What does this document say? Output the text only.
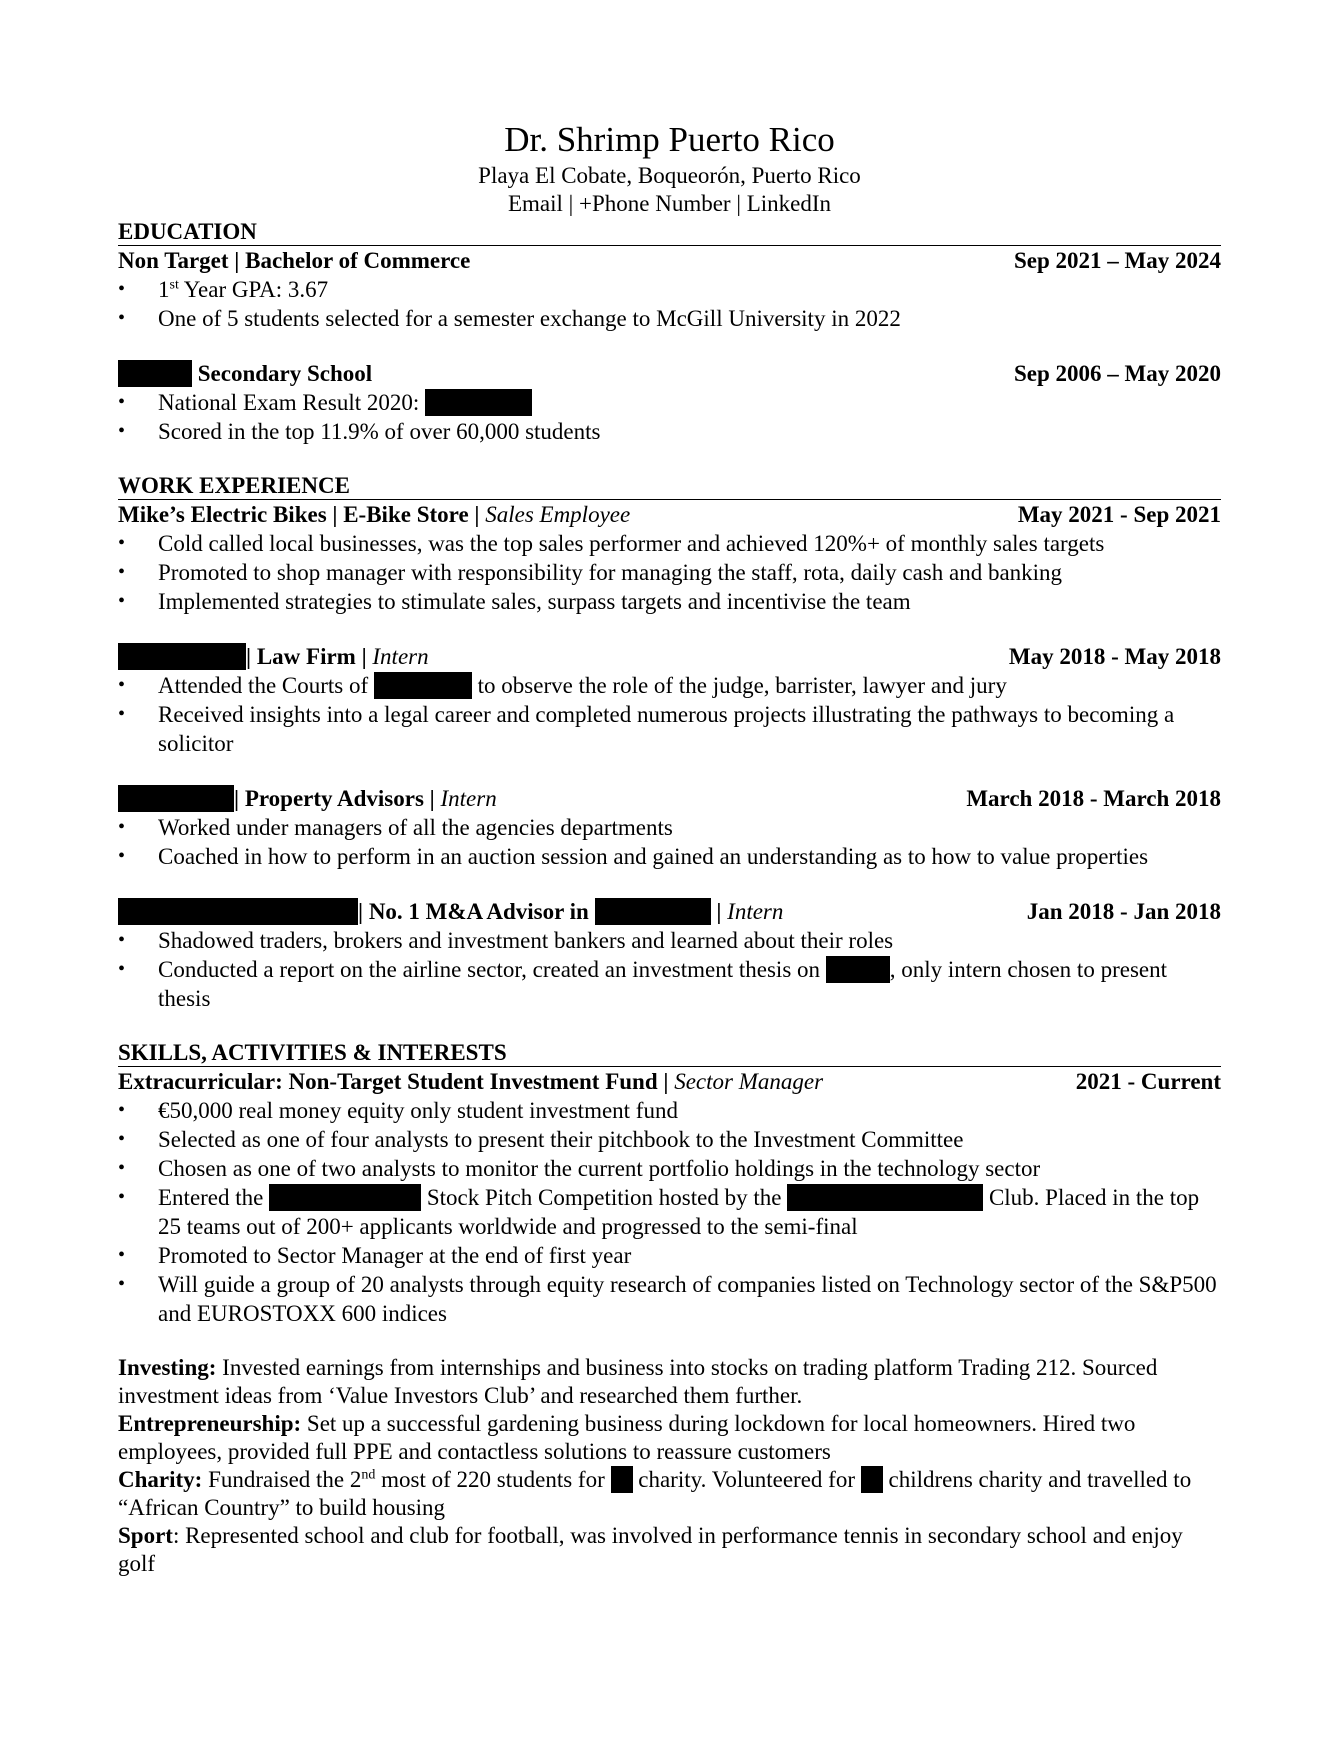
Dr. Shrimp Puerto Rico
Playa El Cobate, Boqueorón, Puerto Rico
Email | +Phone Number | LinkedIn
EDUCATION
Non Target | Bachelor of Commerce	Sep 2021 – May 2024
• 1st Year GPA: 3.67
• One of 5 students selected for a semester exchange to McGill University in 2022
Secondary School	Sep 2006 – May 2020
• National Exam Result 2020:
• Scored in the top 11.9% of over 60,000 students
WORK EXPERIENCE
Mike’s Electric Bikes | E-Bike Store | Sales Employee	May 2021 - Sep 2021
• Cold called local businesses, was the top sales performer and achieved 120%+ of monthly sales targets
• Promoted to shop manager with responsibility for managing the staff, rota, daily cash and banking
• Implemented strategies to stimulate sales, surpass targets and incentivise the team
| Law Firm | Intern	May 2018 - May 2018
• Attended the Courts of	to observe the role of the judge, barrister, lawyer and jury
• Received insights into a legal career and completed numerous projects illustrating the pathways to becoming a solicitor
| Property Advisors | Intern	March 2018 - March 2018
• Worked under managers of all the agencies departments
• Coached in how to perform in an auction session and gained an understanding as to how to value properties
| No. 1 M&A Advisor in	| Intern	Jan 2018 - Jan 2018
• Shadowed traders, brokers and investment bankers and learned about their roles
• Conducted a report on the airline sector, created an investment thesis on	, only intern chosen to present thesis
SKILLS, ACTIVITIES & INTERESTS
Extracurricular: Non-Target Student Investment Fund | Sector Manager	2021 - Current
• €50,000 real money equity only student investment fund
• Selected as one of four analysts to present their pitchbook to the Investment Committee
• Chosen as one of two analysts to monitor the current portfolio holdings in the technology sector
• Entered the	Stock Pitch Competition hosted by the	Club. Placed in the top 25 teams out of 200+ applicants worldwide and progressed to the semi-final
• Promoted to Sector Manager at the end of first year
• Will guide a group of 20 analysts through equity research of companies listed on Technology sector of the S&P500 and EUROSTOXX 600 indices

Investing: Invested earnings from internships and business into stocks on trading platform Trading 212. Sourced investment ideas from ‘Value Investors Club’ and researched them further.

Entrepreneurship: Set up a successful gardening business during lockdown for local homeowners. Hired two employees, provided full PPE and contactless solutions to reassure customers

Charity: Fundraised the 2nd most of 220 students for  charity. Volunteered for  childrens charity and travelled to “African Country” to build housing

Sport: Represented school and club for football, was involved in performance tennis in secondary school and enjoy golf
